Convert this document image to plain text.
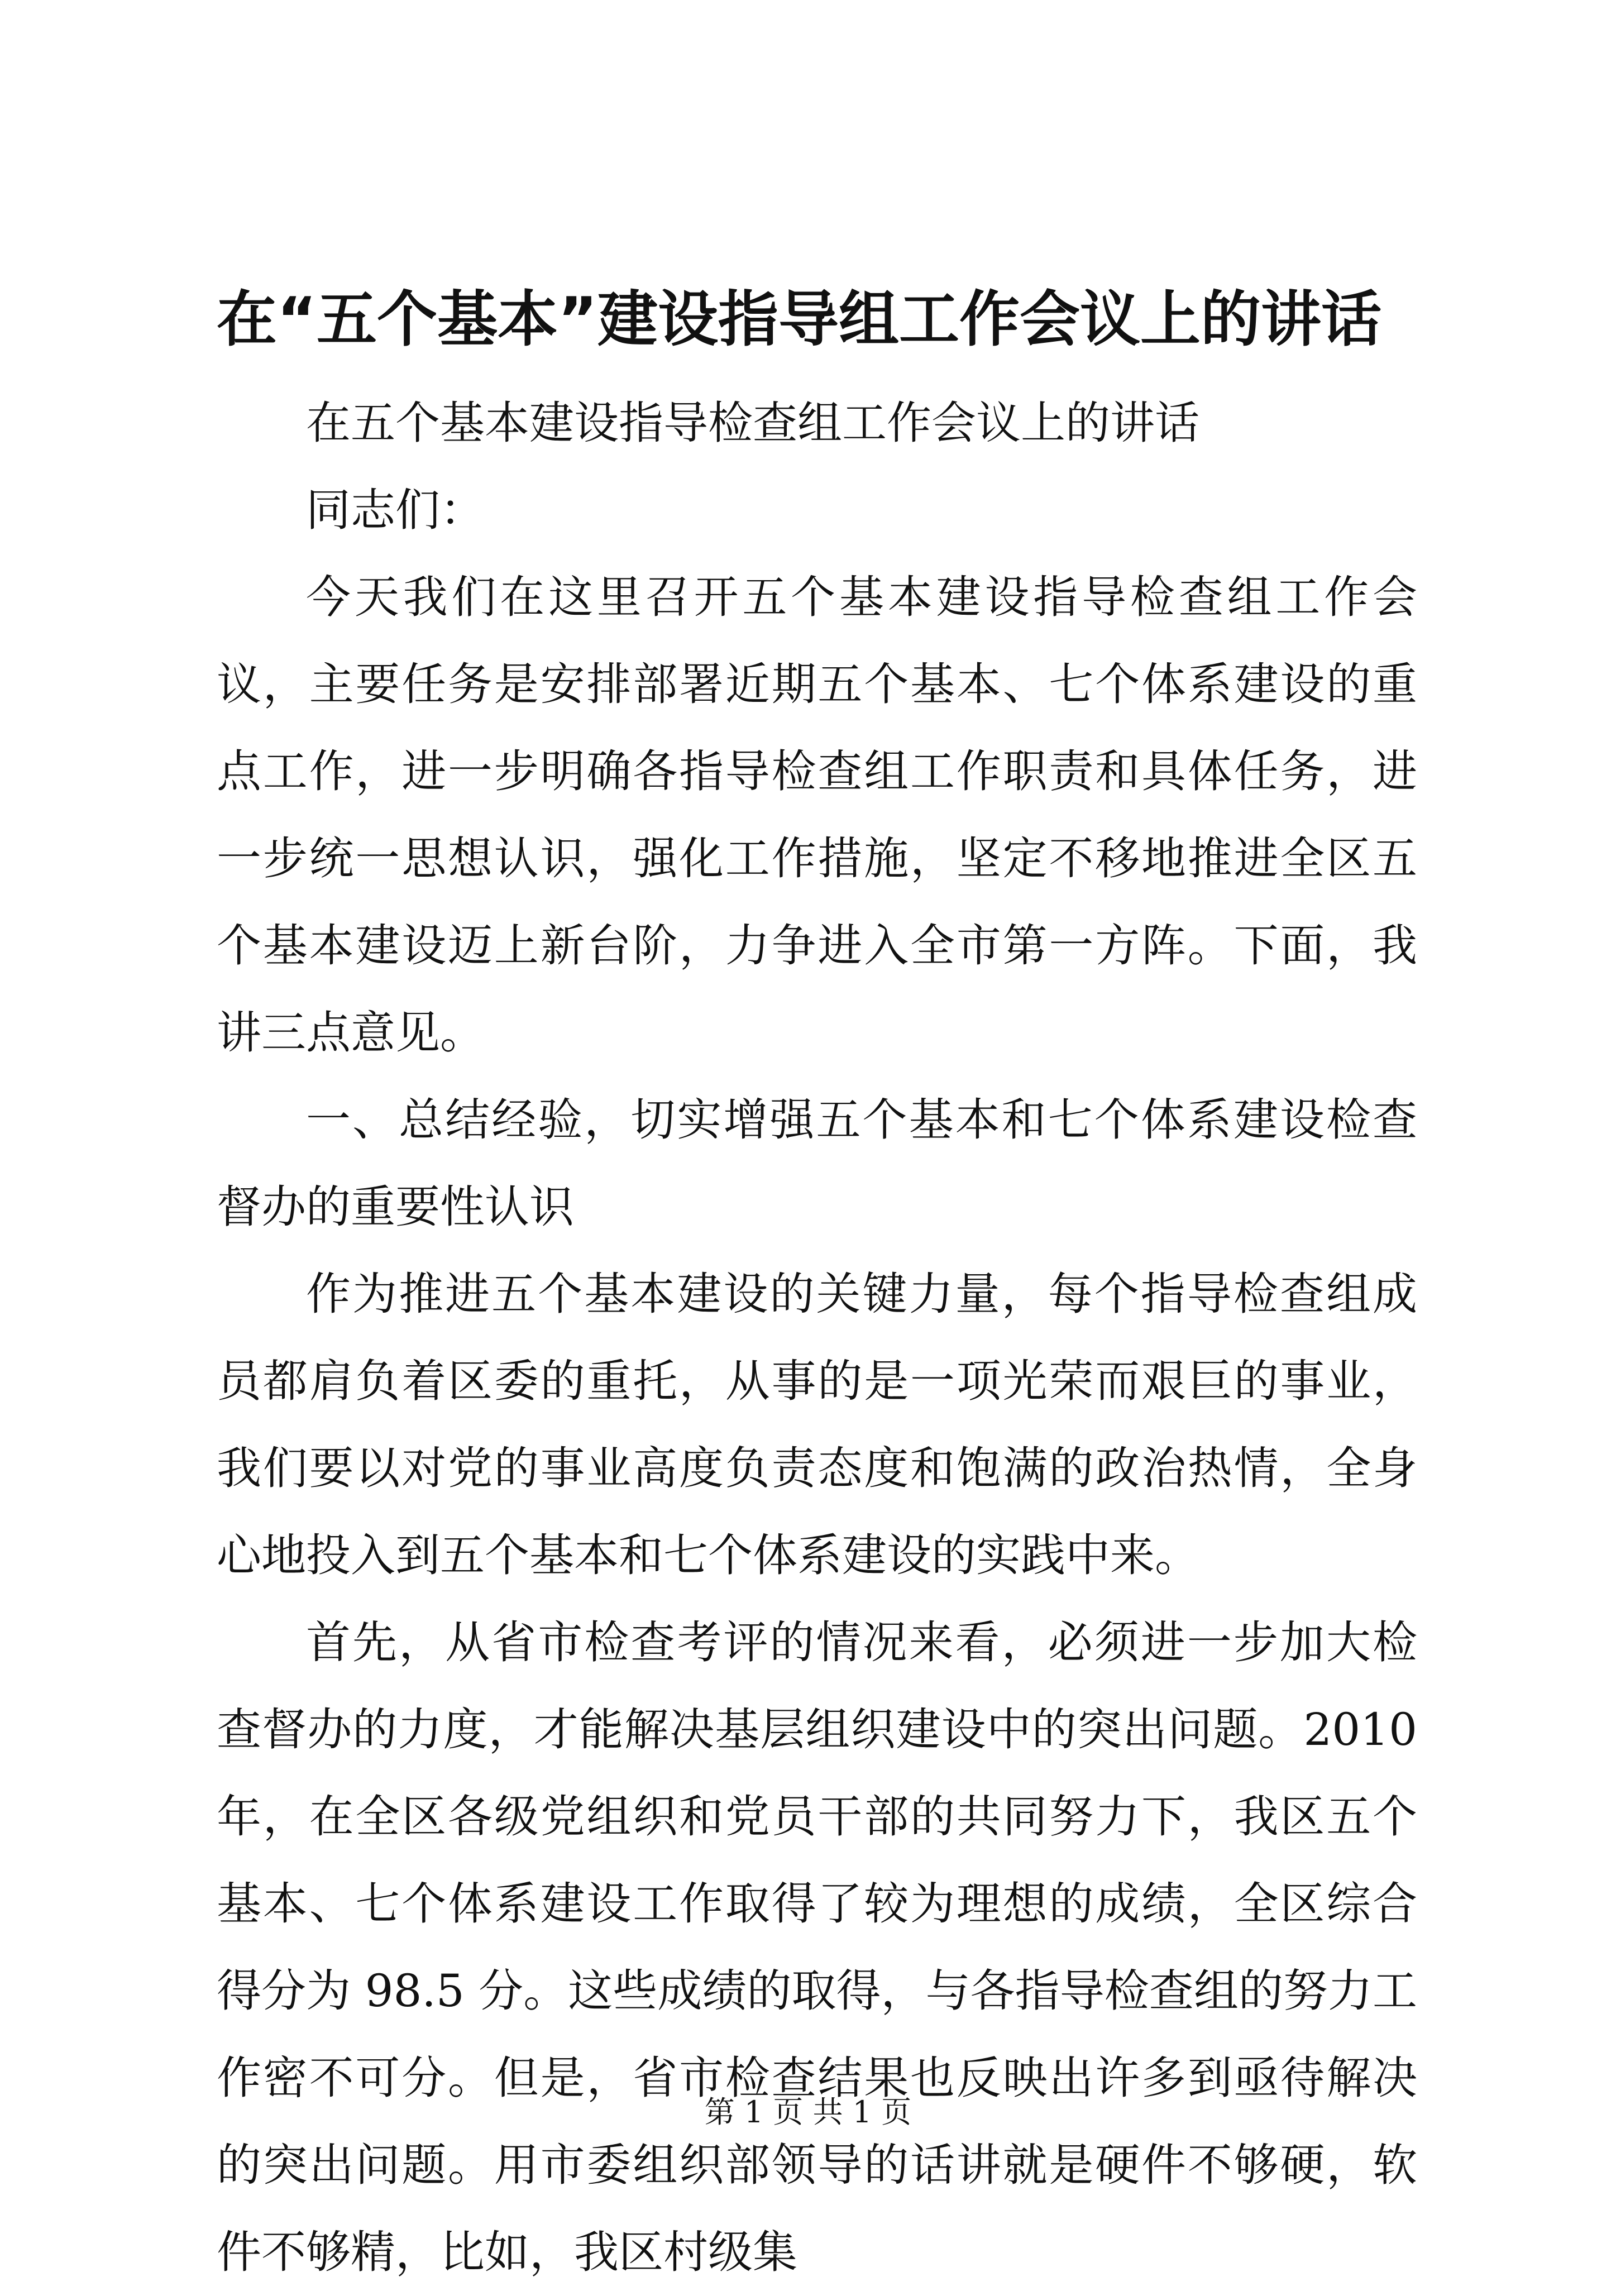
在“五个基本”建设指导组工作会议上的讲话

在五个基本建设指导检查组工作会议上的讲话

同志们：

今天我们在这里召开五个基本建设指导检查组工作会议，主要任务是安排部署近期五个基本、七个体系建设的重点工作，进一步明确各指导检查组工作职责和具体任务，进一步统一思想认识，强化工作措施，坚定不移地推进全区五个基本建设迈上新台阶，力争进入全市第一方阵。下面，我讲三点意见。

一、总结经验，切实增强五个基本和七个体系建设检查督办的重要性认识

作为推进五个基本建设的关键力量，每个指导检查组成员都肩负着区委的重托，从事的是一项光荣而艰巨的事业，我们要以对党的事业高度负责态度和饱满的政治热情，全身心地投入到五个基本和七个体系建设的实践中来。

首先，从省市检查考评的情况来看，必须进一步加大检查督办的力度，才能解决基层组织建设中的突出问题。2010 年，在全区各级党组织和党员干部的共同努力下，我区五个基本、七个体系建设工作取得了较为理想的成绩，全区综合得分为 98.5 分。这些成绩的取得，与各指导检查组的努力工作密不可分。但是，省市检查结果也反映出许多到亟待解决的突出问题。用市委组织部领导的话讲就是硬件不够硬，软件不够精，比如，我区村级集

第 1 页 共 1 页
